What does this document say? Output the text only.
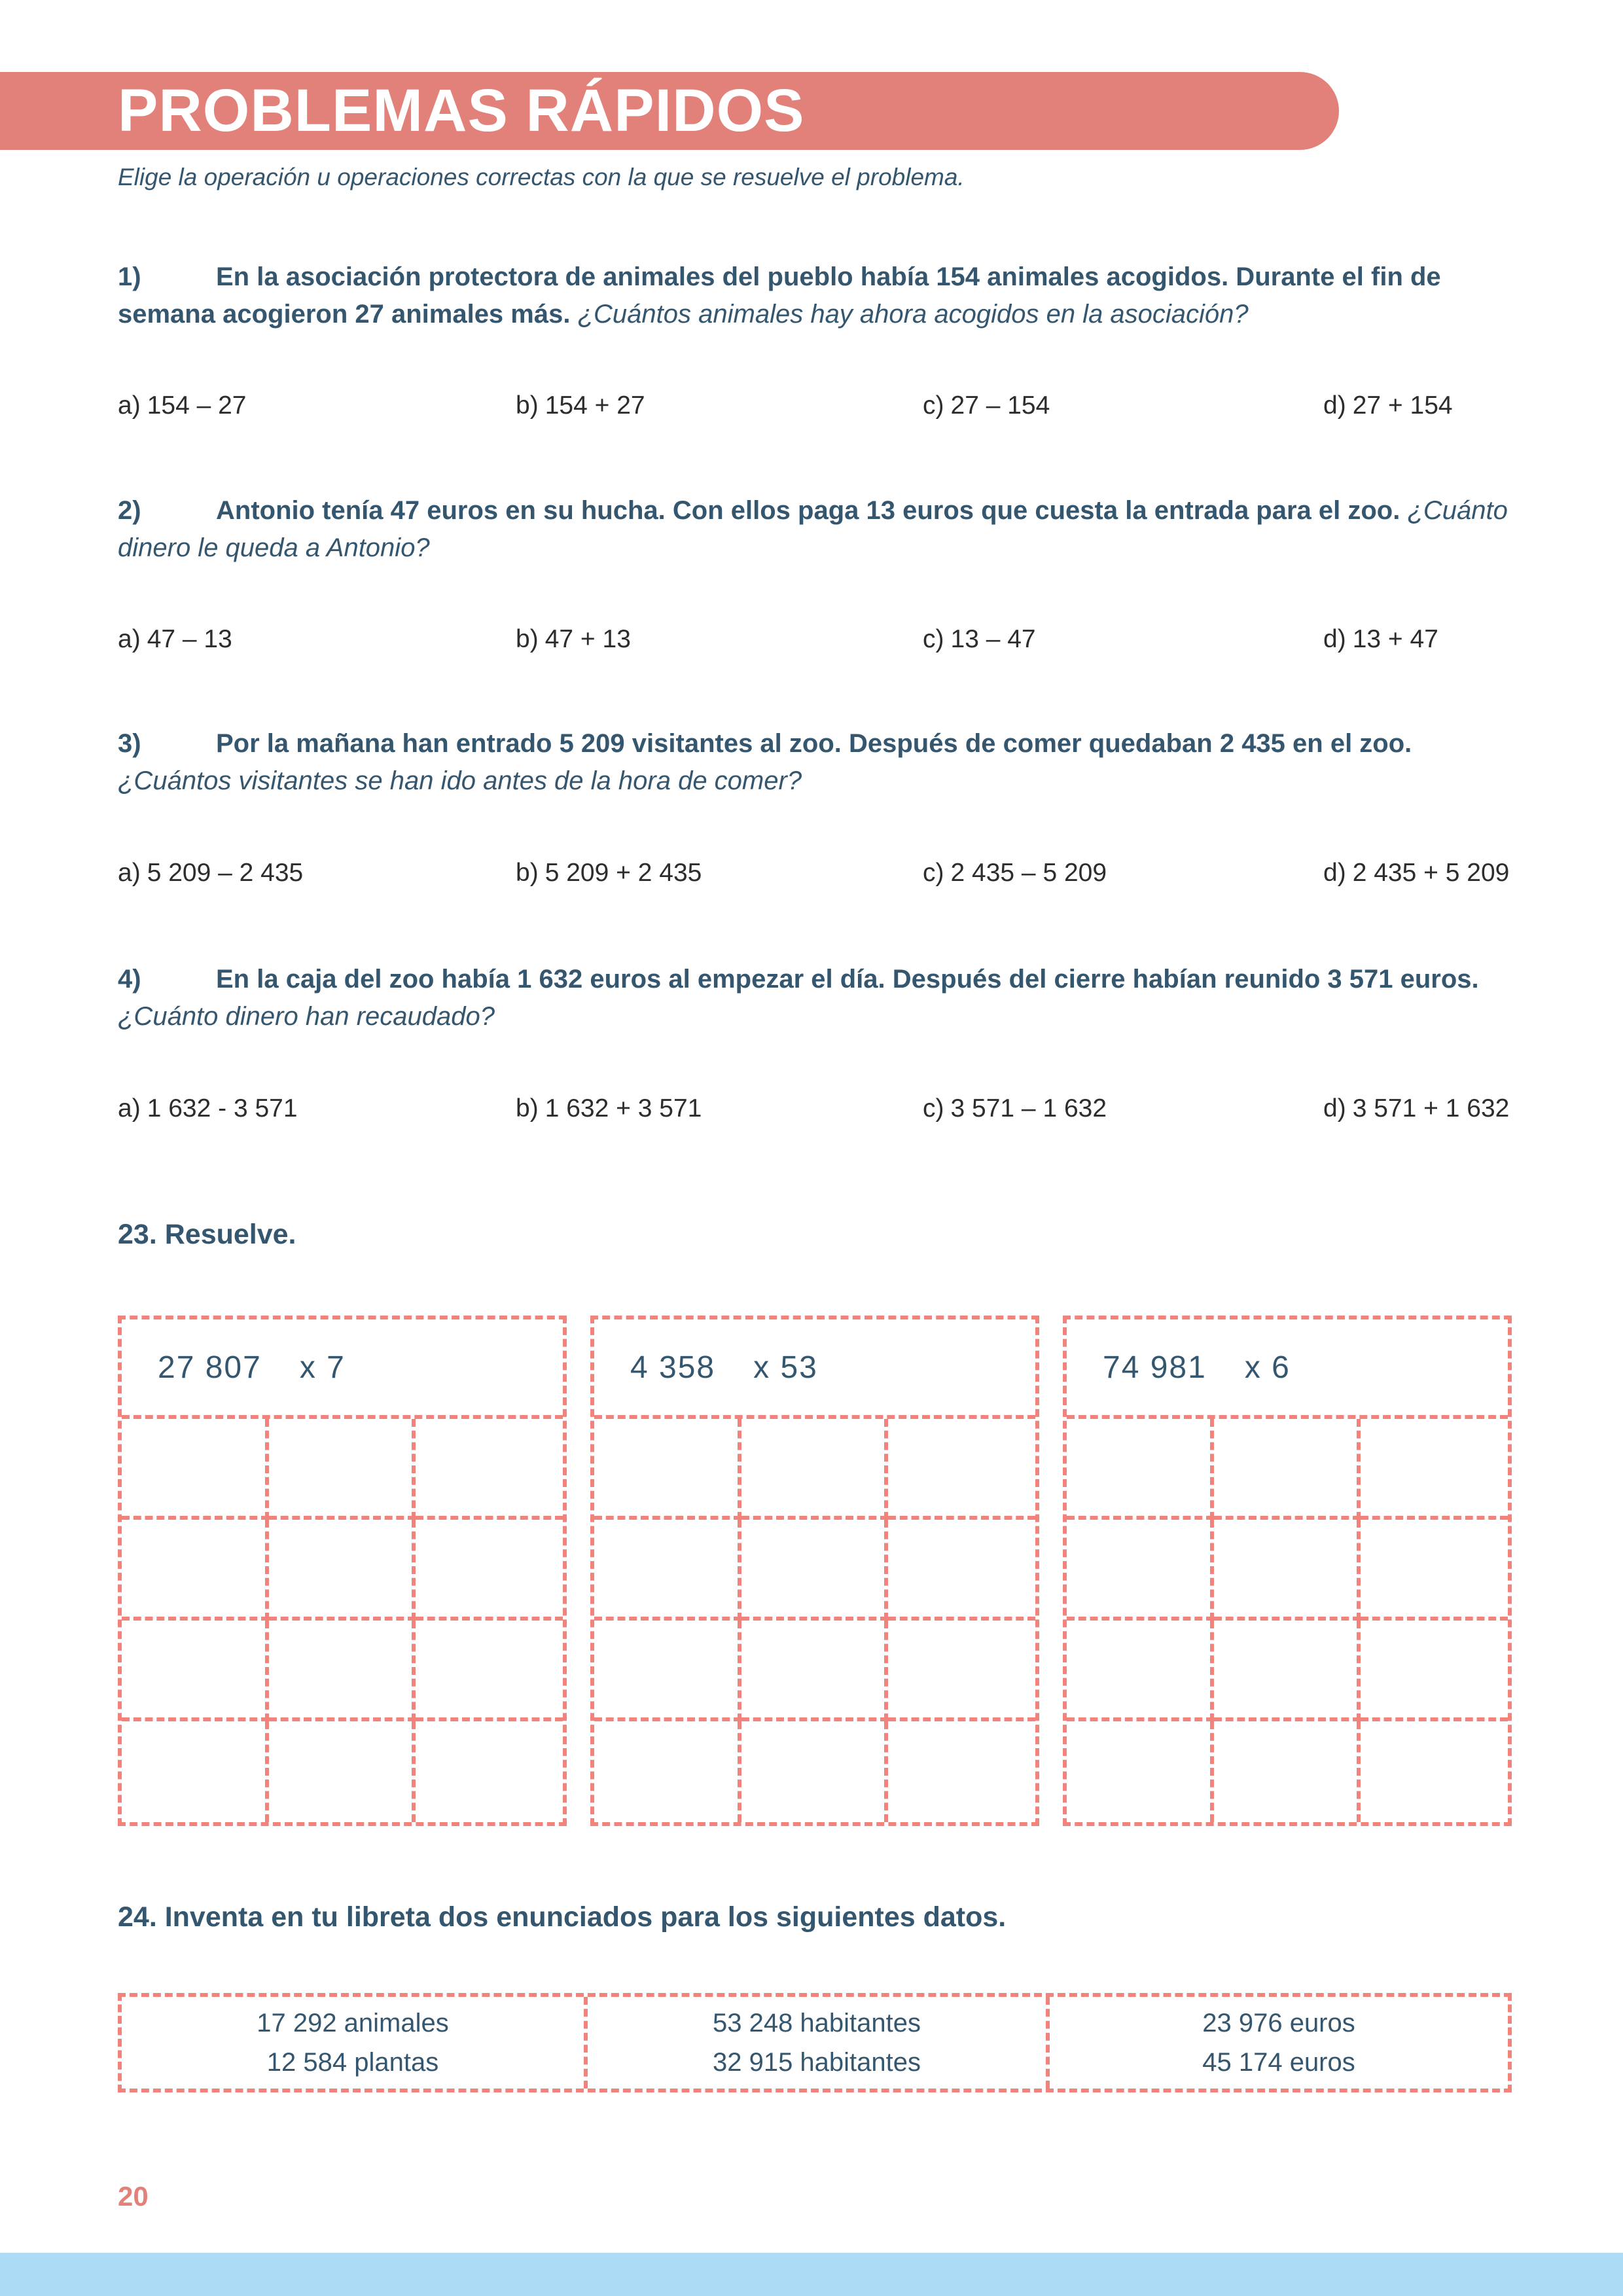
PROBLEMAS RÁPIDOS
Elige la operación u operaciones correctas con la que se resuelve el problema.
1)	En la asociación protectora de animales del pueblo había 154 animales acogidos. Durante el fin de semana acogieron 27 animales más. ¿Cuántos animales hay ahora acogidos en la asociación?
a) 154 – 27	b) 154 + 27	c) 27 – 154	d) 27 + 154
2)	Antonio tenía 47 euros en su hucha. Con ellos paga 13 euros que cuesta la entrada para el zoo. ¿Cuánto dinero le queda a Antonio?
a) 47 – 13	b) 47 + 13	c) 13 – 47	d) 13 + 47
3)	Por la mañana han entrado 5 209 visitantes al zoo. Después de comer quedaban 2 435 en el zoo. ¿Cuántos visitantes se han ido antes de la hora de comer?
a) 5 209 – 2 435	b) 5 209 + 2 435	c) 2 435 – 5 209	d) 2 435 + 5 209
4)	En la caja del zoo había 1 632 euros al empezar el día. Después del cierre habían reunido 3 571 euros. ¿Cuánto dinero han recaudado?
a) 1 632 - 3 571	b) 1 632 + 3 571	c) 3 571 – 1 632	d) 3 571 + 1 632
23. Resuelve.
27 807 x 7	4 358 x 53	74 981 x 6
24. Inventa en tu libreta dos enunciados para los siguientes datos.
17 292 animales
12 584 plantas
53 248 habitantes
32 915 habitantes
23 976 euros
45 174 euros
20
